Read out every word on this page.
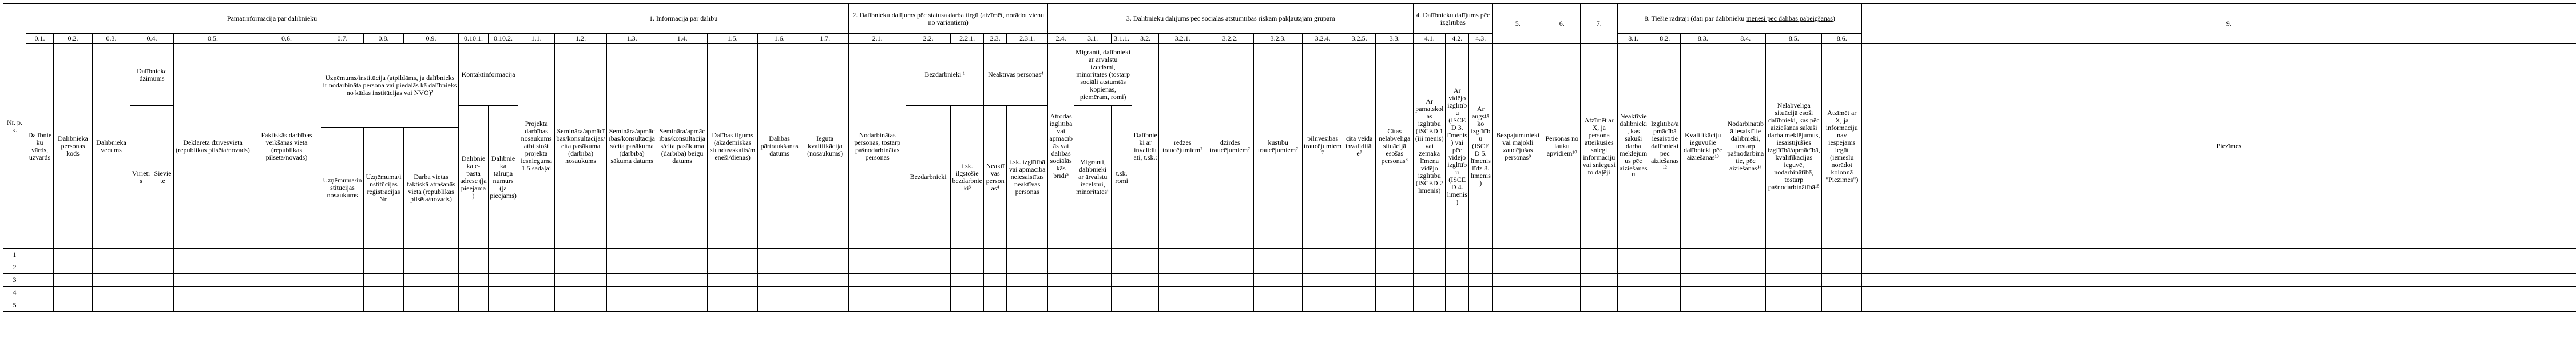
Nr. p. k.	Pamatinformācija par dalībnieku												1. Informācija par dalību							2. Dalībnieku dalījums pēc statusa darba tirgū (atzīmēt, norādot vienu no variantiem)					3. Dalībnieku dalījums pēc sociālās atstumtības riskam pakļautajām grupām										4. Dalībnieku dalījums pēc izglītības			5.	6.	7.	8. Tiešie rādītāji (dati par dalībnieku mēnesi pēc dalības pabeigšanas)						9.
	0.1.	0.2.	0.3.	0.4.		0.5.	0.6.	0.7.	0.8.	0.9.	0.10.1.	0.10.2.	1.1.	1.2.	1.3.	1.4.	1.5.	1.6.	1.7.	2.1.	2.2.	2.2.1.	2.3.	2.3.1.	2.4.	3.1.	3.1.1.	3.2.	3.2.1.	3.2.2.	3.2.3.	3.2.4.	3.2.5.	3.3.	4.1.	4.2.	4.3.				8.1.	8.2.	8.3.	8.4.	8.5.	8.6.	
	Dalībnieku vārds, uzvārds	Dalībnieka personas kods	Dalībnieka vecums	Dalībnieka dzimums		Deklarētā dzīvesvieta (republikas pilsēta/novads)	Faktiskās darbības veikšanas vieta (republikas pilsēta/novads)	Uzņēmums/institūcija (atpildāms, ja dalībnieks ir nodarbināta persona vai piedalās kā dalībnieks no kādas institūcijas vai NVO)²			Kontaktinformācija		Projekta darbības nosaukums atbilstoši projekta iesnieguma 1.5.sadaļai	Semināra/apmācības/konsultācijas/cita pasākuma (darbība) nosaukums	Semināra/apmācības/konsultācijas/cita pasākuma (darbība) sākuma datums	Semināra/apmācības/konsultācijas/cita pasākuma (darbība) beigu datums	Dalības ilgums (akadēmiskās stundas/skaits/mēneši/dienas)	Dalības pārtraukšanas datums	Iegūtā kvalifikācija (nosaukums)	Nodarbinātas personas, tostarp pašnodarbinātas personas	Bezdarbnieki ¹		Neaktīvas personas⁴		Atrodas izglītībā vai apmācībās vai dalības sociālās kās brīdī⁵	Migranti, dalībnieki ar ārvalstu izcelsmi, minoritātes (tostarp sociāli atstumtās kopienas, piemēram, romi)		Dalībnieki ar invaliditāti, t.sk.:	redzes traucējumiem⁷	dzirdes traucējumiem⁷	kustību traucējumiem⁷	pilnvēsibas traucējumiem⁷	cita veida invaliditāte⁷	Citas nelabvēlīgā situācijā esošas personas⁸	Ar pamatskolas izglītību (ISCED 1 (iii menis) vai zemāka līmeņa vidējo izglītību (ISCED 2 līmenis)	Ar vidējo izglītību (ISCED 3. līmenis) vai pēc vidējo izglītību (ISCED 4. līmenis)	Ar augstāko izglītību (ISCED 5. līmenis līdz 8. līmenis)	Bezpajumtnieki vai mājokli zaudējušas personas⁹	Personas no lauku apvidiem¹⁰	Atzīmēt ar X, ja persona atteikusies sniegt informāciju vai sniegusi to daļēji	Neaktīvie dalībnieki, kas sākuši darba meklējumus pēc aiziešanas¹¹	Izglītībā/apmācībā iesaistītie dalībnieki pēc aiziešanas¹²	Kvalifikāciju ieguvušie dalībnieki pēc aiziešanas¹³	Nodarbinātībā iesaistītie dalībnieki, tostarp pašnodarbinātie, pēc aiziešanas¹⁴	Nelabvēlīgā situācijā esoši dalībnieki, kas pēc aiziešanas sākuši darba meklējumus, iesaistījušies izglītībā/apmācībā, kvalifikācijas ieguvē, nodarbinātībā, tostarp pašnodarbinātībā¹⁵	Atzīmēt ar X, ja informāciju nav iespējams iegūt (iemeslu norādot kolonnā "Piezīmes")	Piezīmes

				Vīrietis	Sieviete						Dalībnieka e-pasta adrese (ja pieejama)	Dalībnieka tālruņa numurs (ja pieejams)									Bezdarbnieki	t.sk. ilgstošie bezdarbnieki³	Neaktīvas personas⁴	t.sk. izglītībā vai apmācībā neiesaistītas neaktīvas personas		Migranti, dalībnieki ar ārvalstu izcelsmi, minoritātes⁶	t.sk. romi																				
								Uzņēmuma/institūcijas nosaukums	Uzņēmuma/institūcijas reģistrācijas Nr.	Darba vietas faktiskā atrašanās vieta (republikas pilsēta/novads)																																					

1																																															
2																																															
3																																															
4																																															
5																																															
